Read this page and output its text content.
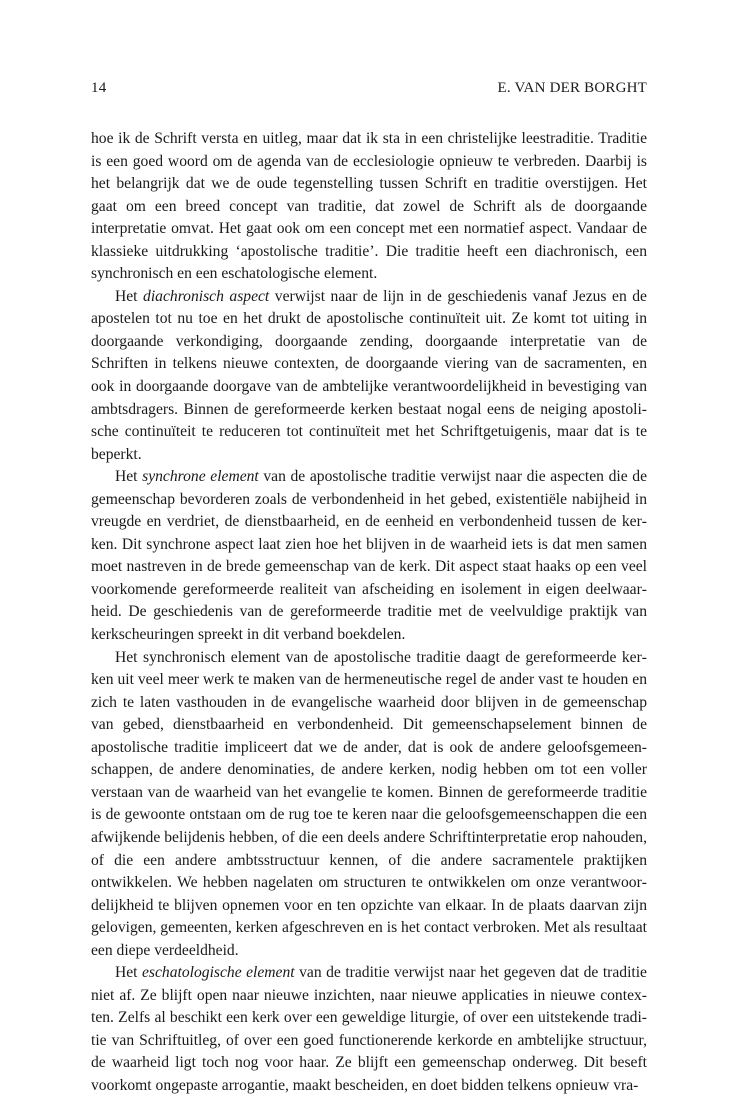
14	E. VAN DER BORGHT

hoe ik de Schrift versta en uitleg, maar dat ik sta in een christelijke leestraditie. Traditie is een goed woord om de agenda van de ecclesiologie opnieuw te verbreden. Daarbij is het belangrijk dat we de oude tegenstelling tussen Schrift en traditie overstijgen. Het gaat om een breed concept van traditie, dat zowel de Schrift als de doorgaande interpretatie omvat. Het gaat ook om een concept met een normatief aspect. Vandaar de klassieke uitdrukking ‘apostolische traditie’. Die traditie heeft een diachronisch, een synchronisch en een eschatologische element.

Het diachronisch aspect verwijst naar de lijn in de geschiedenis vanaf Jezus en de apostelen tot nu toe en het drukt de apostolische continuïteit uit. Ze komt tot uiting in doorgaande verkondiging, doorgaande zending, doorgaande interpretatie van de Schriften in telkens nieuwe contexten, de doorgaande viering van de sacramenten, en ook in doorgaande doorgave van de ambtelijke verantwoordelijkheid in bevestiging van ambtsdragers. Binnen de gereformeerde kerken bestaat nogal eens de neiging apostolische continuïteit te reduceren tot continuïteit met het Schriftgetuigenis, maar dat is te beperkt.

Het synchrone element van de apostolische traditie verwijst naar die aspecten die de gemeenschap bevorderen zoals de verbondenheid in het gebed, existentiële nabijheid in vreugde en verdriet, de dienstbaarheid, en de eenheid en verbondenheid tussen de kerken. Dit synchrone aspect laat zien hoe het blijven in de waarheid iets is dat men samen moet nastreven in de brede gemeenschap van de kerk. Dit aspect staat haaks op een veel voorkomende gereformeerde realiteit van afscheiding en isolement in eigen deelwaarheid. De geschiedenis van de gereformeerde traditie met de veelvuldige praktijk van kerkscheuringen spreekt in dit verband boekdelen.

Het synchronisch element van de apostolische traditie daagt de gereformeerde kerken uit veel meer werk te maken van de hermeneutische regel de ander vast te houden en zich te laten vasthouden in de evangelische waarheid door blijven in de gemeenschap van gebed, dienstbaarheid en verbondenheid. Dit gemeenschapselement binnen de apostolische traditie impliceert dat we de ander, dat is ook de andere geloofsgemeenschappen, de andere denominaties, de andere kerken, nodig hebben om tot een voller verstaan van de waarheid van het evangelie te komen. Binnen de gereformeerde traditie is de gewoonte ontstaan om de rug toe te keren naar die geloofsgemeenschappen die een afwijkende belijdenis hebben, of die een deels andere Schriftinterpretatie erop nahouden, of die een andere ambtsstructuur kennen, of die andere sacramentele praktijken ontwikkelen. We hebben nagelaten om structuren te ontwikkelen om onze verantwoordelijkheid te blijven opnemen voor en ten opzichte van elkaar. In de plaats daarvan zijn gelovigen, gemeenten, kerken afgeschreven en is het contact verbroken. Met als resultaat een diepe verdeeldheid.

Het eschatologische element van de traditie verwijst naar het gegeven dat de traditie niet af. Ze blijft open naar nieuwe inzichten, naar nieuwe applicaties in nieuwe contexten. Zelfs al beschikt een kerk over een geweldige liturgie, of over een uitstekende traditie van Schriftuitleg, of over een goed functionerende kerkorde en ambtelijke structuur, de waarheid ligt toch nog voor haar. Ze blijft een gemeenschap onderweg. Dit beseft voorkomt ongepaste arrogantie, maakt bescheiden, en doet bidden telkens opnieuw vra-
